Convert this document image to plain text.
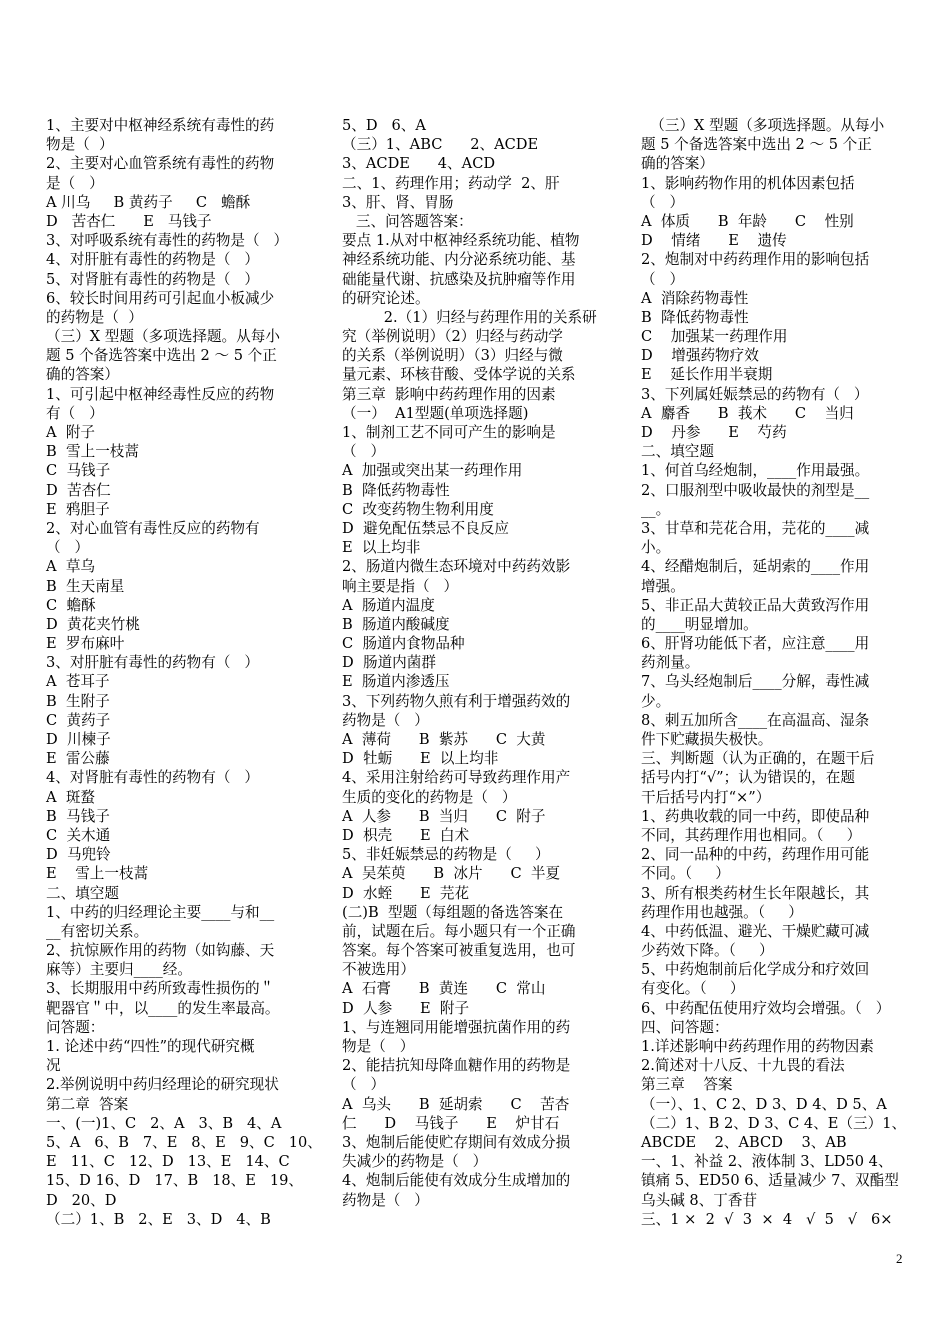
1、主要对中枢神经系统有毒性的药
物是（  ）
2、主要对心血管系统有毒性的药物
是（   ）
A 川乌     B 黄药子     C   蟾酥
D   苦杏仁      E   马钱子
3、对呼吸系统有毒性的药物是（   ）
4、对肝脏有毒性的药物是（   ）
5、对肾脏有毒性的药物是（   ）
6、较长时间用药可引起血小板减少
的药物是（  ）
（三）X 型题（多项选择题。从每小
题 5 个备选答案中选出 2 ～ 5 个正
确的答案）
1、可引起中枢神经毒性反应的药物
有（   ）
A  附子
B  雪上一枝蒿
C  马钱子
D  苦杏仁
E  鸦胆子
2、对心血管有毒性反应的药物有
（   ）
A  草乌
B  生天南星
C  蟾酥
D  黄花夹竹桃
E  罗布麻叶
3、对肝脏有毒性的药物有（   ）
A  苍耳子
B  生附子
C  黄药子
D  川楝子
E  雷公藤
4、对肾脏有毒性的药物有（   ）
A  斑蝥
B  马钱子
C  关木通
D  马兜铃
E    雪上一枝蒿
二、填空题
1、中药的归经理论主要____与和__
__有密切关系。
2、抗惊厥作用的药物（如钩藤、天
麻等）主要归____经。
3、长期服用中药所致毒性损伤的＂
靶器官＂中，以____的发生率最高。
问答题：
1. 论述中药“四性”的现代研究概
况
2.举例说明中药归经理论的研究现状
第二章  答案
一、(一)1、C   2、A   3、B   4、A
5、A   6、B   7、E   8、E   9、C   10、
E   11、C   12、D   13、E   14、C
15、D 16、D   17、B   18、E   19、
D   20、D
（二）1、B   2、E   3、D   4、B
5、D   6、A
（三）1、ABC      2、ACDE
3、ACDE      4、ACD
二、1、药理作用；药动学  2、肝
3、肝、肾、胃肠
三、问答题答案：
要点 1.从对中枢神经系统功能、植物
神经系统功能、内分泌系统功能、基
础能量代谢、抗感染及抗肿瘤等作用
的研究论述。
2.（1）归经与药理作用的关系研
究（举例说明）（2）归经与药动学
的关系（举例说明）（3）归经与微
量元素、环核苷酸、受体学说的关系
第三章  影响中药药理作用的因素
（一）  A1型题(单项选择题)
1、制剂工艺不同可产生的影响是
（   ）
A  加强或突出某一药理作用
B  降低药物毒性
C  改变药物生物利用度
D  避免配伍禁忌不良反应
E  以上均非
2、肠道内微生态环境对中药药效影
响主要是指（   ）
A  肠道内温度
B  肠道内酸碱度
C  肠道内食物品种
D  肠道内菌群
E  肠道内渗透压
3、下列药物久煎有利于增强药效的
药物是（   ）
A  薄荷      B  紫苏      C  大黄
D  牡蛎      E  以上均非
4、采用注射给药可导致药理作用产
生质的变化的药物是（   ）
A  人参      B  当归      C  附子
D  枳壳      E  白术
5、非妊娠禁忌的药物是（     ）
A  吴茱萸      B  冰片      C  半夏
D  水蛭      E  芫花
(二)B  型题（每组题的备选答案在
前，试题在后。每小题只有一个正确
答案。每个答案可被重复选用，也可
不被选用）
A  石膏      B  黄连      C  常山
D  人参      E  附子
1、与连翘同用能增强抗菌作用的药
物是（   ）
2、能拮抗知母降血糖作用的药物是
（   ）
A  乌头      B  延胡索      C    苦杏
仁      D    马钱子      E    炉甘石
3、炮制后能使贮存期间有效成分损
失减少的药物是（   ）
4、炮制后能使有效成分生成增加的
药物是（   ）
（三）X 型题（多项选择题。从每小
题 5 个备选答案中选出 2 ～ 5 个正
确的答案）
1、影响药物作用的机体因素包括
（   ）
A  体质      B  年龄      C    性别
D    情绪      E    遗传
2、炮制对中药药理作用的影响包括
（   ）
A  消除药物毒性
B  降低药物毒性
C    加强某一药理作用
D    增强药物疗效
E    延长作用半衰期
3、下列属妊娠禁忌的药物有（   ）
A  麝香      B  莪术      C    当归
D    丹参      E    芍药
二、填空题
1、何首乌经炮制，____作用最强。
2、口服剂型中吸收最快的剂型是__
__。
3、甘草和芫花合用，芫花的____减
小。
4、经醋炮制后，延胡索的____作用
增强。
5、非正品大黄较正品大黄致泻作用
的____明显增加。
6、肝肾功能低下者，应注意____用
药剂量。
7、乌头经炮制后____分解，毒性减
少。
8、刺五加所含____在高温高、湿条
件下贮藏损失极快。
三、判断题（认为正确的，在题干后
括号内打“√”；认为错误的，在题
干后括号内打“×”）
1、药典收载的同一中药，即使品种
不同，其药理作用也相同。（     ）
2、同一品种的中药，药理作用可能
不同。（     ）
3、所有根类药材生长年限越长，其
药理作用也越强。（     ）
4、中药低温、避光、干燥贮藏可减
少药效下降。（     ）
5、中药炮制前后化学成分和疗效回
有变化。（     ）
6、中药配伍使用疗效均会增强。（   ）
四、问答题：
1.详述影响中药药理作用的药物因素
2.简述对十八反、十九畏的看法
第三章    答案
（一）、1、C 2、D 3、D 4、D 5、A
（二）1、B 2、D 3、C 4、E（三）1、
ABCDE    2、ABCD    3、AB
一、1、补益 2、液体制 3、LD50 4、
镇痛 5、ED50 6、适量减少 7、双酯型
乌头碱 8、丁香苷
三、1 ×  2  √  3  ×  4   √  5   √   6×
2
